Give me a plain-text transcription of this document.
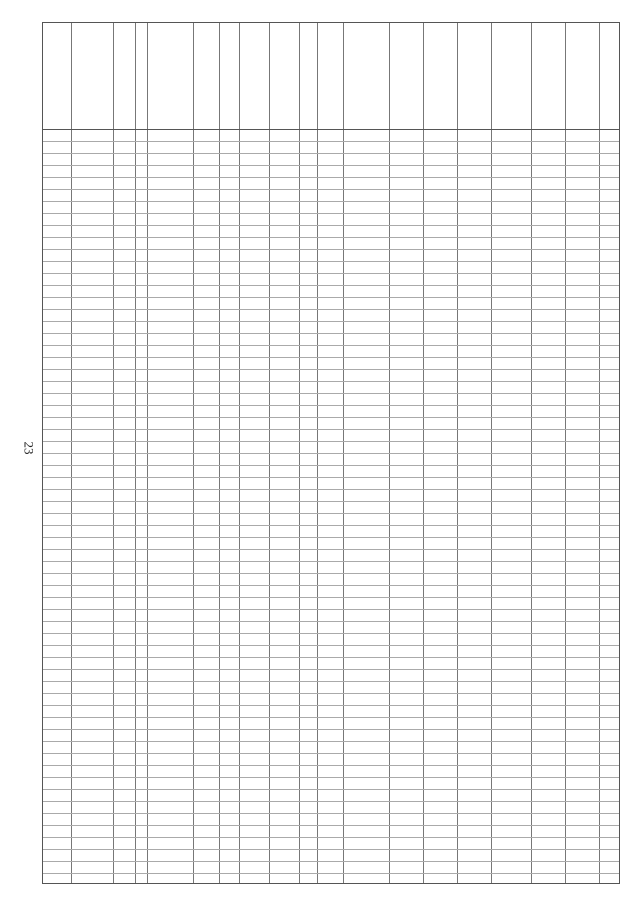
23
